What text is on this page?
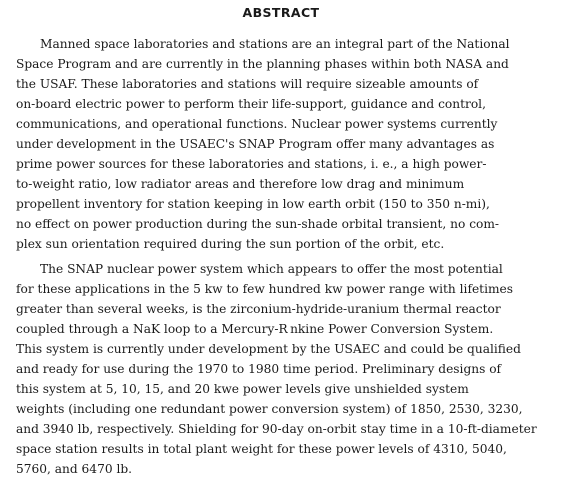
ABSTRACT
Manned space laboratories and stations are an integral part of the National
Space Program and are currently in the planning phases within both NASA and
the USAF. These laboratories and stations will require sizeable amounts of
on-board electric power to perform their life-support, guidance and control,
communications, and operational functions. Nuclear power systems currently
under development in the USAEC's SNAP Program offer many advantages as
prime power sources for these laboratories and stations, i. e., a high power-
to-weight ratio, low radiator areas and therefore low drag and minimum
propellent inventory for station keeping in low earth orbit (150 to 350 n-mi),
no effect on power production during the sun-shade orbital transient, no com-
plex sun orientation required during the sun portion of the orbit, etc.
The SNAP nuclear power system which appears to offer the most potential
for these applications in the 5 kw to few hundred kw power range with lifetimes
greater than several weeks, is the zirconium-hydride-uranium thermal reactor
coupled through a NaK loop to a Mercury-R nkine Power Conversion System.
This system is currently under development by the USAEC and could be qualified
and ready for use during the 1970 to 1980 time period. Preliminary designs of
this system at 5, 10, 15, and 20 kwe power levels give unshielded system
weights (including one redundant power conversion system) of 1850, 2530, 3230,
and 3940 lb, respectively. Shielding for 90-day on-orbit stay time in a 10-ft-diameter
space station results in total plant weight for these power levels of 4310, 5040,
5760, and 6470 lb.
